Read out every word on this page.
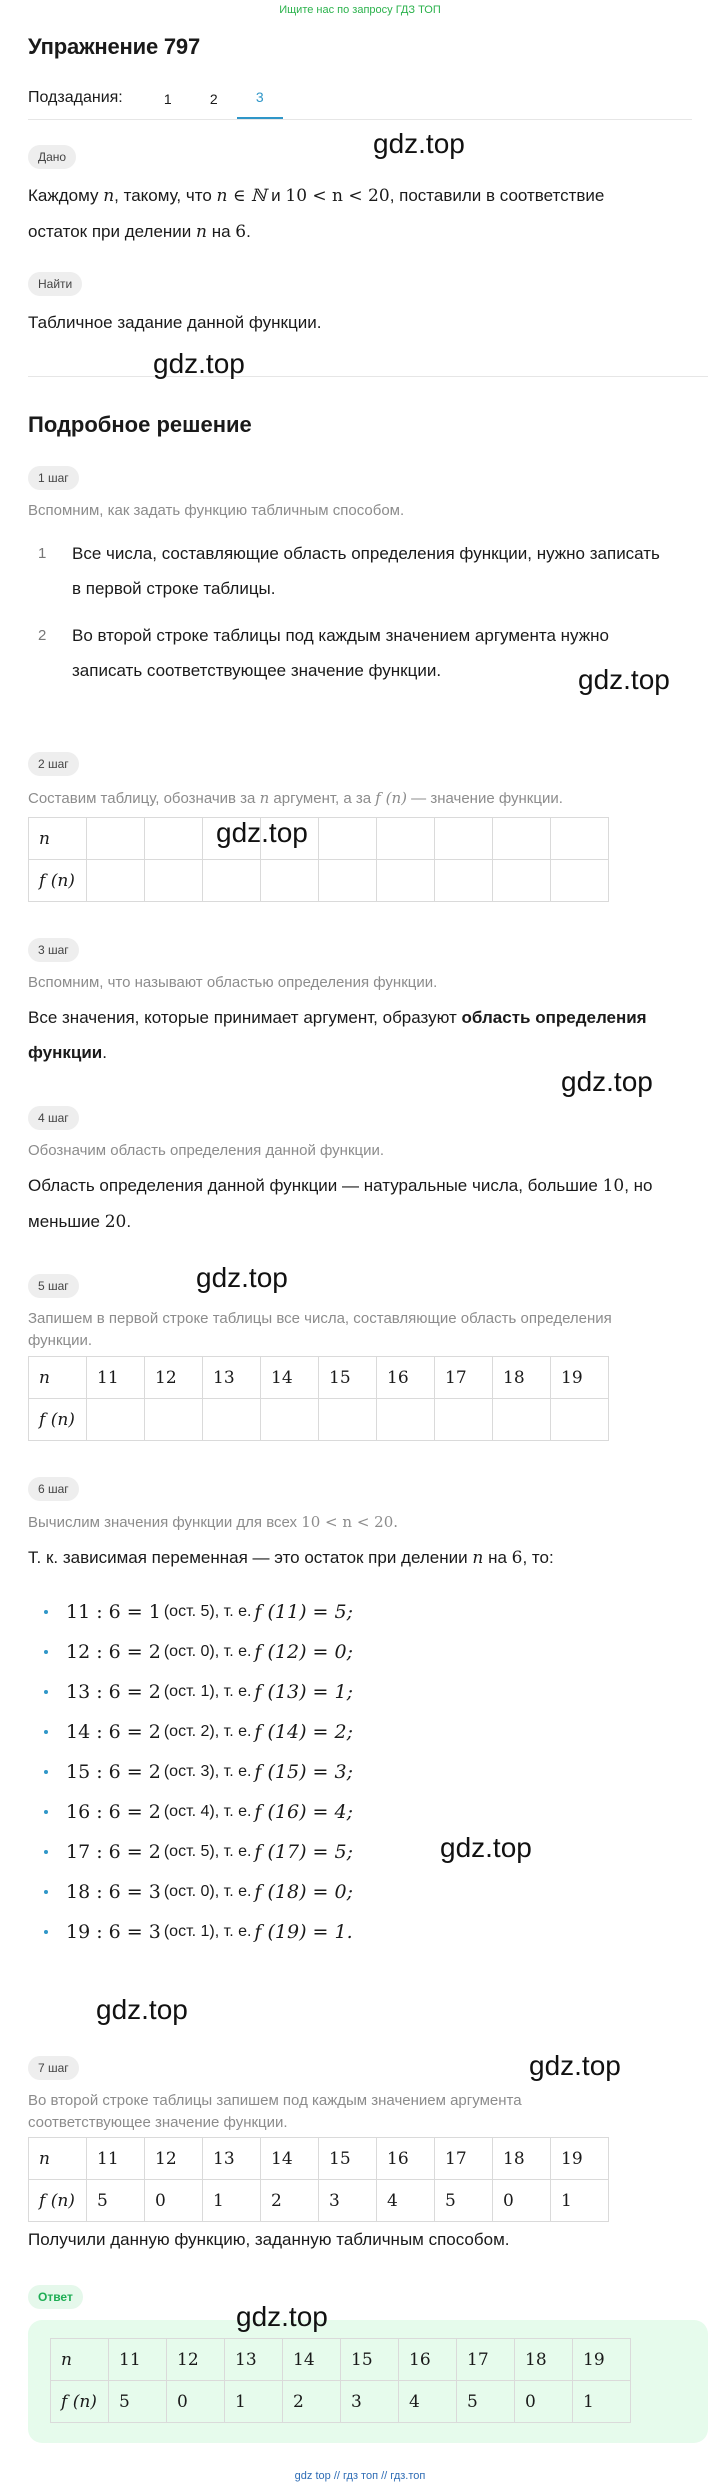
Ищите нас по запросу ГДЗ ТОП
Упражнение 797
Подзадания:	1	2	3
Дано
Каждому n, такому, что n ∈ ℕ и 10 < n < 20, поставили в соответствие
остаток при делении n на 6.
Найти
Табличное задание данной функции.
Подробное решение
1 шаг
Вспомним, как задать функцию табличным способом.
1	Все числа, составляющие область определения функции, нужно записать
в первой строке таблицы.
2	Во второй строке таблицы под каждым значением аргумента нужно
записать соответствующее значение функции.
2 шаг
Составим таблицу, обозначив за n аргумент, а за f (n) — значение функции.
n									
f (n)									
3 шаг
Вспомним, что называют областью определения функции.
Все значения, которые принимает аргумент, образуют область определения
функции.
4 шаг
Обозначим область определения данной функции.
Область определения данной функции — натуральные числа, большие 10, но
меньшие 20.
5 шаг
Запишем в первой строке таблицы все числа, составляющие область определения
функции.
n	11	12	13	14	15	16	17	18	19
f (n)									
6 шаг
Вычислим значения функции для всех 10 < n < 20.
Т. к. зависимая переменная — это остаток при делении n на 6, то:
11 : 6 = 1 (ост. 5), т. е. f (11) = 5;
12 : 6 = 2 (ост. 0), т. е. f (12) = 0;
13 : 6 = 2 (ост. 1), т. е. f (13) = 1;
14 : 6 = 2 (ост. 2), т. е. f (14) = 2;
15 : 6 = 2 (ост. 3), т. е. f (15) = 3;
16 : 6 = 2 (ост. 4), т. е. f (16) = 4;
17 : 6 = 2 (ост. 5), т. е. f (17) = 5;
18 : 6 = 3 (ост. 0), т. е. f (18) = 0;
19 : 6 = 3 (ост. 1), т. е. f (19) = 1.
7 шаг
Во второй строке таблицы запишем под каждым значением аргумента
соответствующее значение функции.
n	11	12	13	14	15	16	17	18	19
f (n)	5	0	1	2	3	4	5	0	1
Получили данную функцию, заданную табличным способом.
Ответ
n	11	12	13	14	15	16	17	18	19
f (n)	5	0	1	2	3	4	5	0	1
gdz.top
gdz.top
gdz.top
gdz.top
gdz.top
gdz.top
gdz.top
gdz.top
gdz.top
gdz.top
gdz top // гдз топ // гдз.топ
